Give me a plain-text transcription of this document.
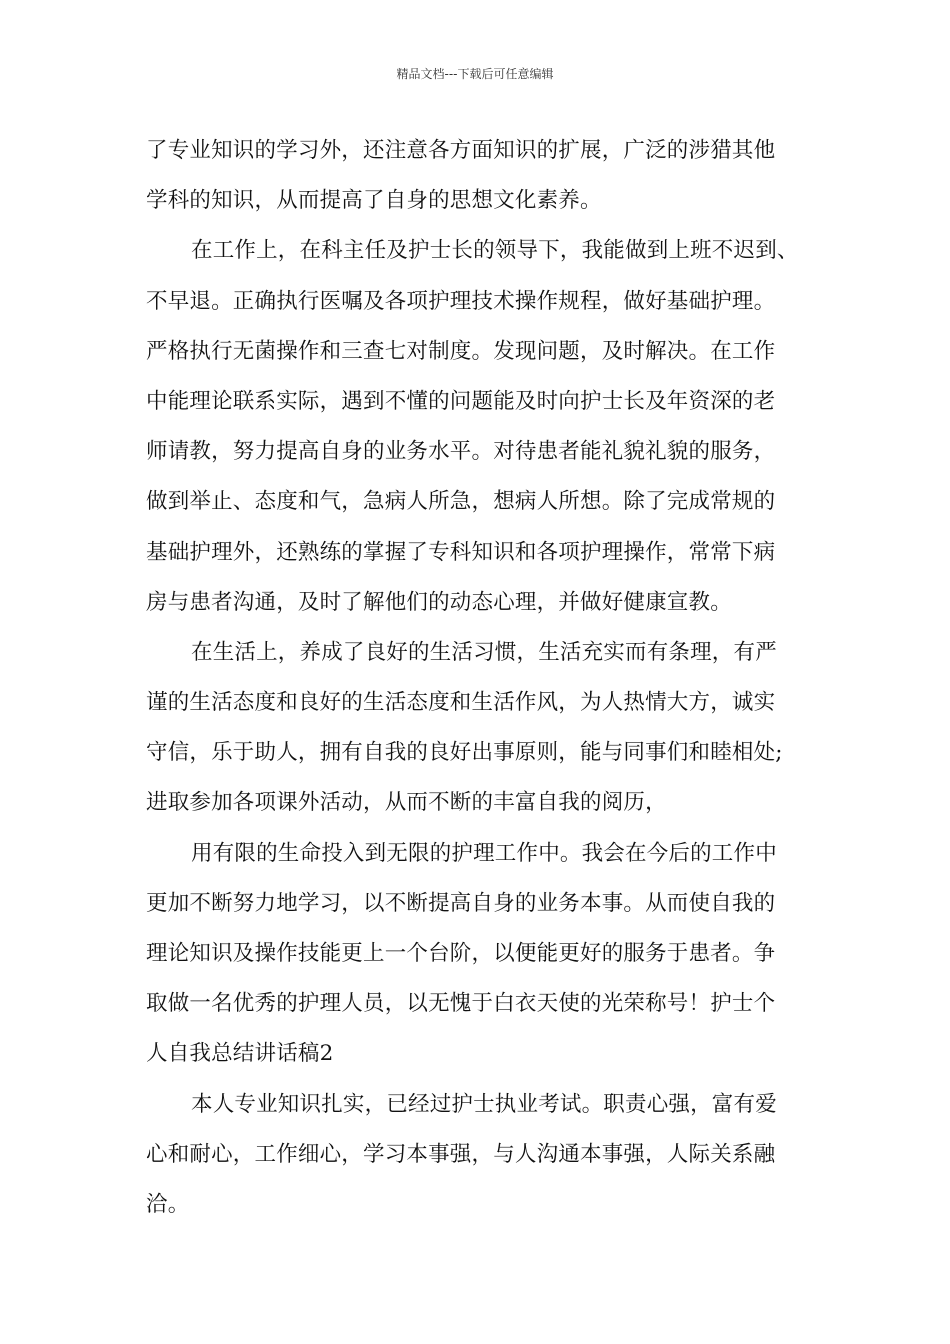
精品文档---下载后可任意编辑
了专业知识的学习外，还注意各方面知识的扩展，广泛的涉猎其他
学科的知识，从而提高了自身的思想文化素养。
在工作上，在科主任及护士长的领导下，我能做到上班不迟到、
不早退。正确执行医嘱及各项护理技术操作规程，做好基础护理。
严格执行无菌操作和三查七对制度。发现问题，及时解决。在工作
中能理论联系实际，遇到不懂的问题能及时向护士长及年资深的老
师请教，努力提高自身的业务水平。对待患者能礼貌礼貌的服务，
做到举止、态度和气，急病人所急，想病人所想。除了完成常规的
基础护理外，还熟练的掌握了专科知识和各项护理操作，常常下病
房与患者沟通，及时了解他们的动态心理，并做好健康宣教。
在生活上，养成了良好的生活习惯，生活充实而有条理，有严
谨的生活态度和良好的生活态度和生活作风，为人热情大方，诚实
守信，乐于助人，拥有自我的良好出事原则，能与同事们和睦相处;
进取参加各项课外活动，从而不断的丰富自我的阅历，
用有限的生命投入到无限的护理工作中。我会在今后的工作中
更加不断努力地学习，以不断提高自身的业务本事。从而使自我的
理论知识及操作技能更上一个台阶，以便能更好的服务于患者。争
取做一名优秀的护理人员，以无愧于白衣天使的光荣称号！护士个
人自我总结讲话稿2
本人专业知识扎实，已经过护士执业考试。职责心强，富有爱
心和耐心，工作细心，学习本事强，与人沟通本事强，人际关系融
洽。
